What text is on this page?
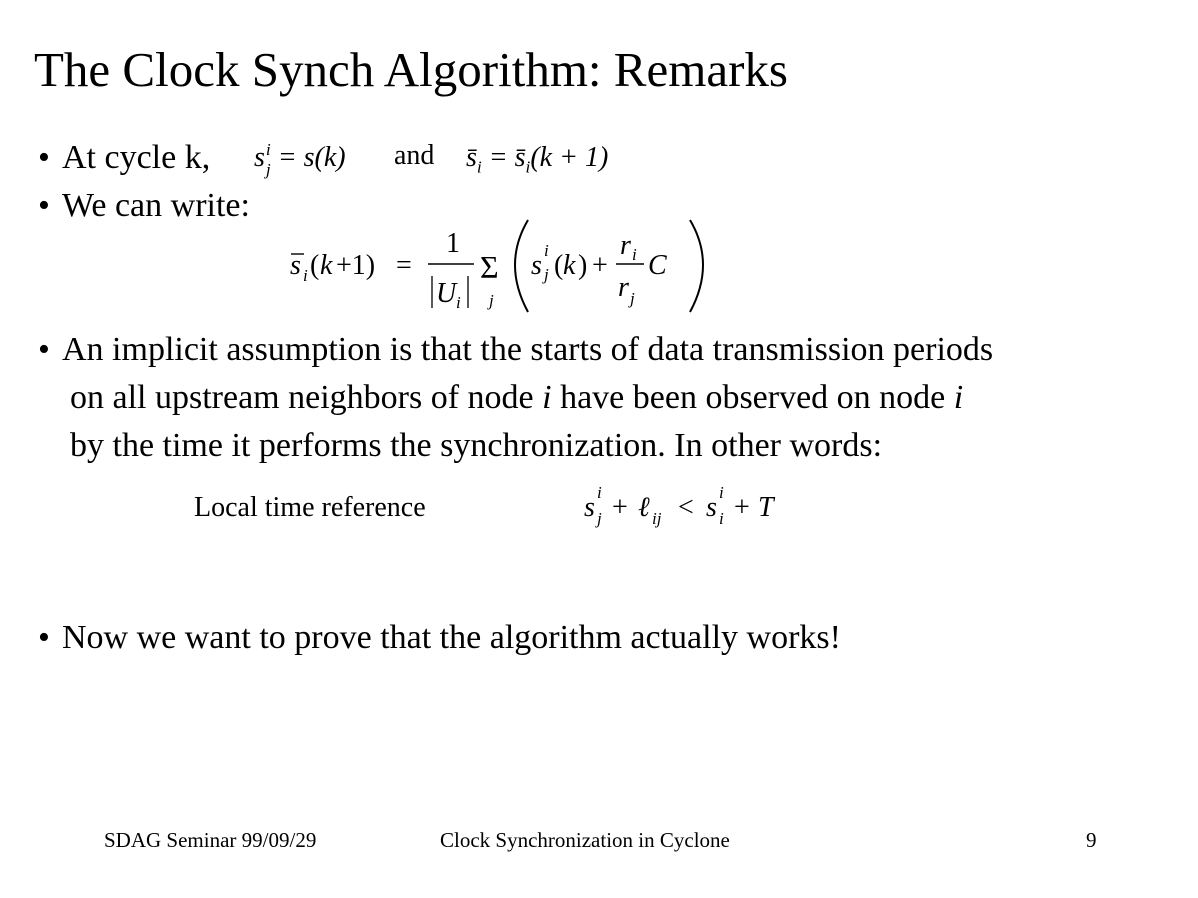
The Clock Synch Algorithm: Remarks
• At cycle k, s i
j = s(k) and $s̄_i$ = $s̄_i(k + 1)$
• We can write:
s i ( k +1) =
1
U i
Σ
j
s i
j ( k ) +
r i
r j
C
• An implicit assumption is that the starts of data transmission periods
on all upstream neighbors of node i have been observed on node i
by the time it performs the synchronization. In other words:
Local time reference	s i
j + ℓ ij < s i
i + T
• Now we want to prove that the algorithm actually works!
SDAG Seminar 99/09/29	Clock Synchronization in Cyclone	9
